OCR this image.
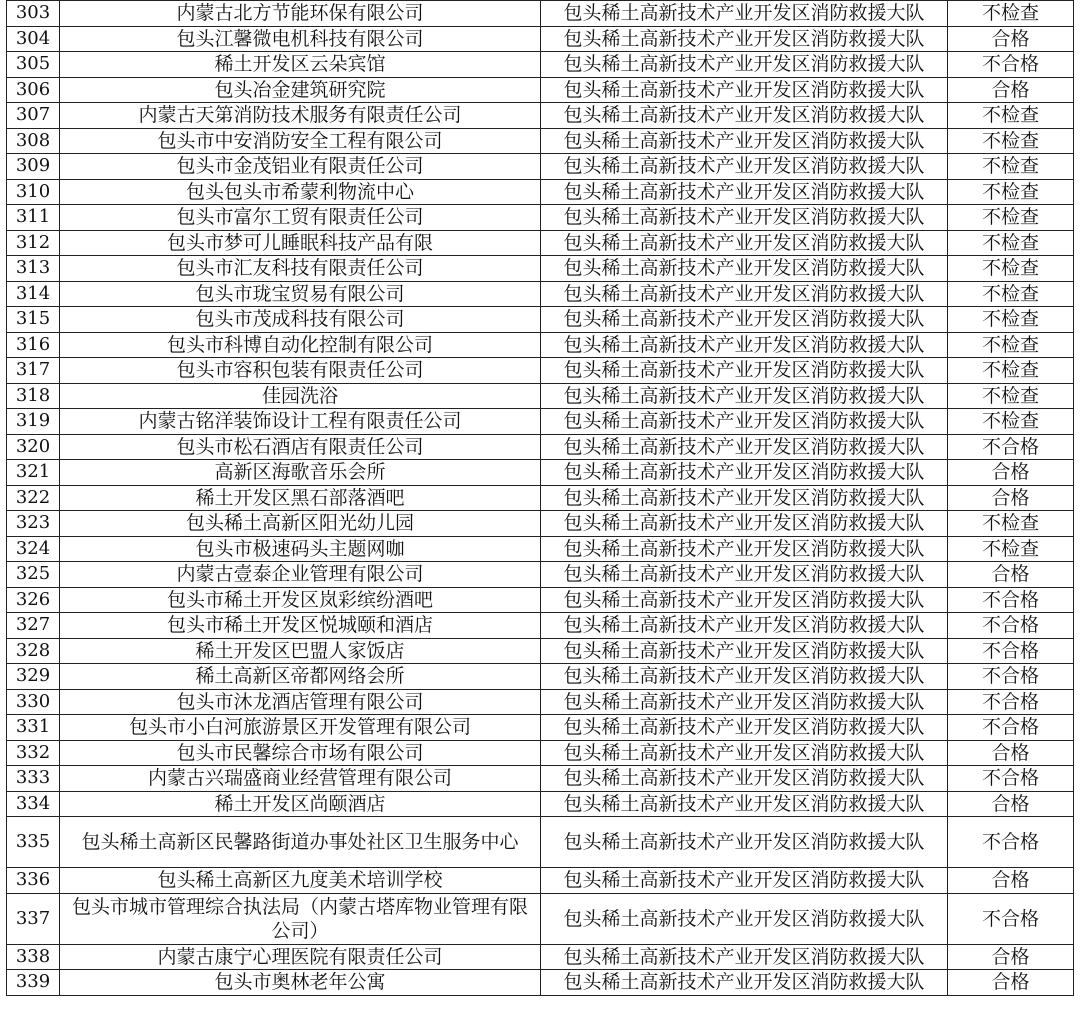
303	内蒙古北方节能环保有限公司	包头稀土高新技术产业开发区消防救援大队	不检查
304	包头江馨微电机科技有限公司	包头稀土高新技术产业开发区消防救援大队	合格
305	稀土开发区云朵宾馆	包头稀土高新技术产业开发区消防救援大队	不合格
306	包头冶金建筑研究院	包头稀土高新技术产业开发区消防救援大队	合格
307	内蒙古天第消防技术服务有限责任公司	包头稀土高新技术产业开发区消防救援大队	不检查
308	包头市中安消防安全工程有限公司	包头稀土高新技术产业开发区消防救援大队	不检查
309	包头市金茂铝业有限责任公司	包头稀土高新技术产业开发区消防救援大队	不检查
310	包头包头市希蒙利物流中心	包头稀土高新技术产业开发区消防救援大队	不检查
311	包头市富尔工贸有限责任公司	包头稀土高新技术产业开发区消防救援大队	不检查
312	包头市梦可儿睡眠科技产品有限	包头稀土高新技术产业开发区消防救援大队	不检查
313	包头市汇友科技有限责任公司	包头稀土高新技术产业开发区消防救援大队	不检查
314	包头市珑宝贸易有限公司	包头稀土高新技术产业开发区消防救援大队	不检查
315	包头市茂成科技有限公司	包头稀土高新技术产业开发区消防救援大队	不检查
316	包头市科博自动化控制有限公司	包头稀土高新技术产业开发区消防救援大队	不检查
317	包头市容积包装有限责任公司	包头稀土高新技术产业开发区消防救援大队	不检查
318	佳园洗浴	包头稀土高新技术产业开发区消防救援大队	不检查
319	内蒙古铭洋装饰设计工程有限责任公司	包头稀土高新技术产业开发区消防救援大队	不检查
320	包头市松石酒店有限责任公司	包头稀土高新技术产业开发区消防救援大队	不合格
321	高新区海歌音乐会所	包头稀土高新技术产业开发区消防救援大队	合格
322	稀土开发区黑石部落酒吧	包头稀土高新技术产业开发区消防救援大队	合格
323	包头稀土高新区阳光幼儿园	包头稀土高新技术产业开发区消防救援大队	不检查
324	包头市极速码头主题网咖	包头稀土高新技术产业开发区消防救援大队	不检查
325	内蒙古壹泰企业管理有限公司	包头稀土高新技术产业开发区消防救援大队	合格
326	包头市稀土开发区岚彩缤纷酒吧	包头稀土高新技术产业开发区消防救援大队	不合格
327	包头市稀土开发区悦城颐和酒店	包头稀土高新技术产业开发区消防救援大队	不合格
328	稀土开发区巴盟人家饭店	包头稀土高新技术产业开发区消防救援大队	不合格
329	稀土高新区帝都网络会所	包头稀土高新技术产业开发区消防救援大队	不合格
330	包头市沐龙酒店管理有限公司	包头稀土高新技术产业开发区消防救援大队	不合格
331	包头市小白河旅游景区开发管理有限公司	包头稀土高新技术产业开发区消防救援大队	不合格
332	包头市民馨综合市场有限公司	包头稀土高新技术产业开发区消防救援大队	合格
333	内蒙古兴瑞盛商业经营管理有限公司	包头稀土高新技术产业开发区消防救援大队	不合格
334	稀土开发区尚颐酒店	包头稀土高新技术产业开发区消防救援大队	合格
335	包头稀土高新区民馨路街道办事处社区卫生服务中心	包头稀土高新技术产业开发区消防救援大队	不合格
336	包头稀土高新区九度美术培训学校	包头稀土高新技术产业开发区消防救援大队	合格
337	包头市城市管理综合执法局（内蒙古塔库物业管理有限公司）	包头稀土高新技术产业开发区消防救援大队	不合格
338	内蒙古康宁心理医院有限责任公司	包头稀土高新技术产业开发区消防救援大队	合格
339	包头市奥林老年公寓	包头稀土高新技术产业开发区消防救援大队	合格
